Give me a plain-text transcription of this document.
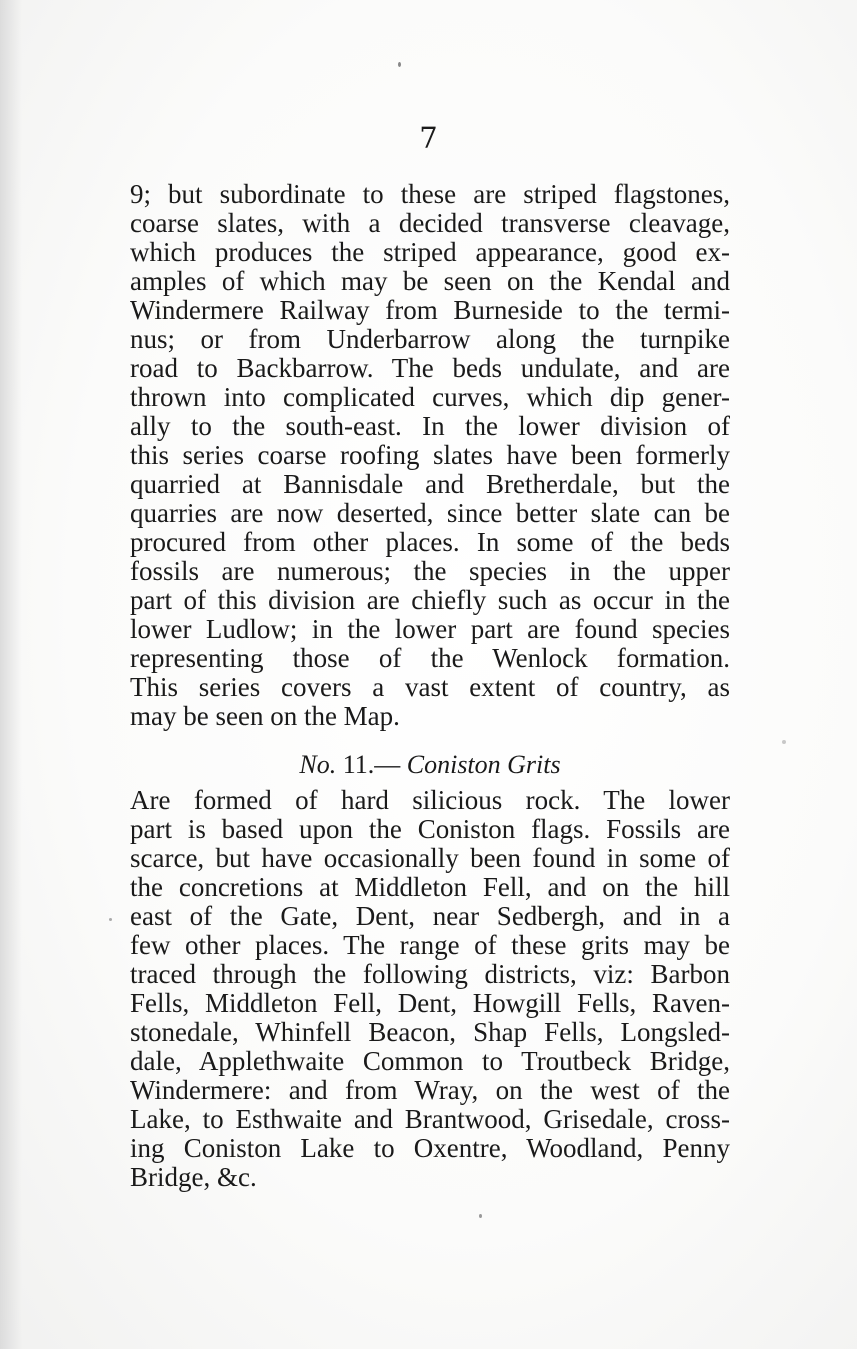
7
9; but subordinate to these are striped flagstones,
coarse slates, with a decided transverse cleavage,
which produces the striped appearance, good ex-
amples of which may be seen on the Kendal and
Windermere Railway from Burneside to the termi-
nus; or from Underbarrow along the turnpike
road to Backbarrow. The beds undulate, and are
thrown into complicated curves, which dip gener-
ally to the south-east. In the lower division of
this series coarse roofing slates have been formerly
quarried at Bannisdale and Bretherdale, but the
quarries are now deserted, since better slate can be
procured from other places. In some of the beds
fossils are numerous; the species in the upper
part of this division are chiefly such as occur in the
lower Ludlow; in the lower part are found species
representing those of the Wenlock formation.
This series covers a vast extent of country, as
may be seen on the Map.
No. 11.— Coniston Grits
Are formed of hard silicious rock. The lower
part is based upon the Coniston flags. Fossils are
scarce, but have occasionally been found in some of
the concretions at Middleton Fell, and on the hill
east of the Gate, Dent, near Sedbergh, and in a
few other places. The range of these grits may be
traced through the following districts, viz: Barbon
Fells, Middleton Fell, Dent, Howgill Fells, Raven-
stonedale, Whinfell Beacon, Shap Fells, Longsled-
dale, Applethwaite Common to Troutbeck Bridge,
Windermere: and from Wray, on the west of the
Lake, to Esthwaite and Brantwood, Grisedale, cross-
ing Coniston Lake to Oxentre, Woodland, Penny
Bridge, &c.
